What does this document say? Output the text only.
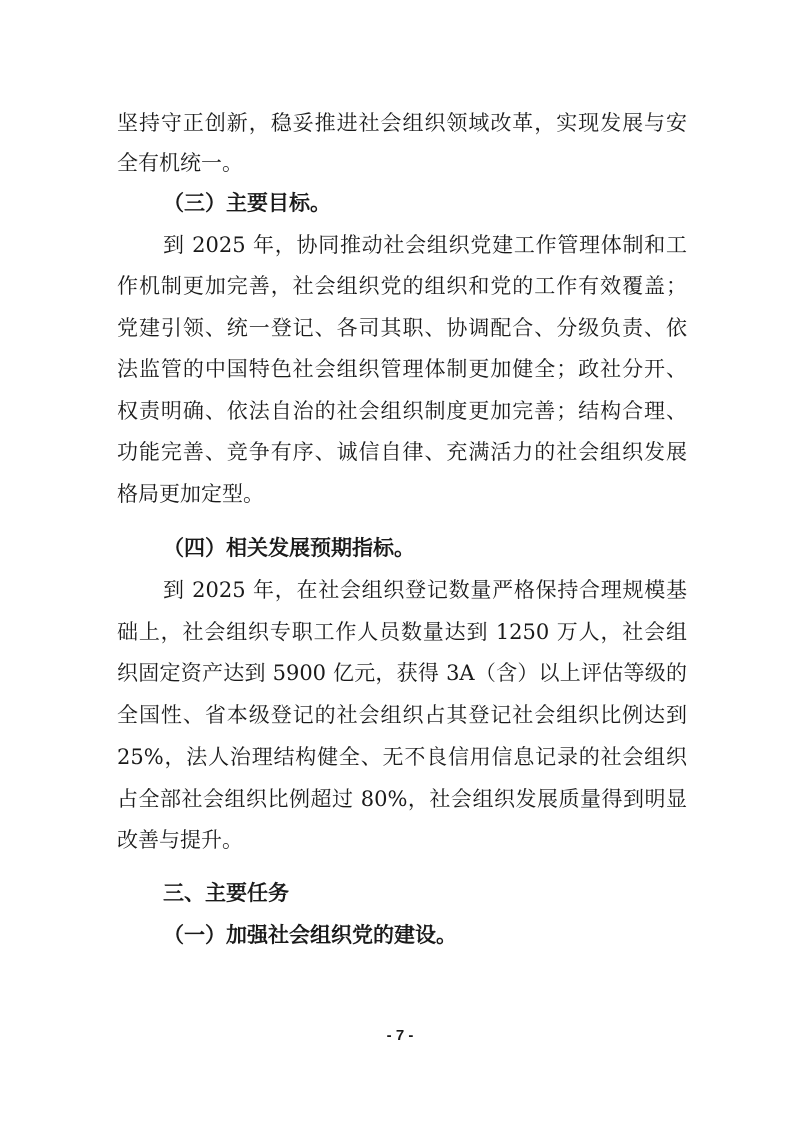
坚持守正创新，稳妥推进社会组织领域改革，实现发展与安
全有机统一。
（三）主要目标。
到 2025 年，协同推动社会组织党建工作管理体制和工
作机制更加完善，社会组织党的组织和党的工作有效覆盖；
党建引领、统一登记、各司其职、协调配合、分级负责、依
法监管的中国特色社会组织管理体制更加健全；政社分开、
权责明确、依法自治的社会组织制度更加完善；结构合理、
功能完善、竞争有序、诚信自律、充满活力的社会组织发展
格局更加定型。
（四）相关发展预期指标。
到 2025 年，在社会组织登记数量严格保持合理规模基
础上，社会组织专职工作人员数量达到 1250 万人，社会组
织固定资产达到 5900 亿元，获得 3A（含）以上评估等级的
全国性、省本级登记的社会组织占其登记社会组织比例达到
25%，法人治理结构健全、无不良信用信息记录的社会组织
占全部社会组织比例超过 80%，社会组织发展质量得到明显
改善与提升。
三、主要任务
（一）加强社会组织党的建设。
- 7 -
